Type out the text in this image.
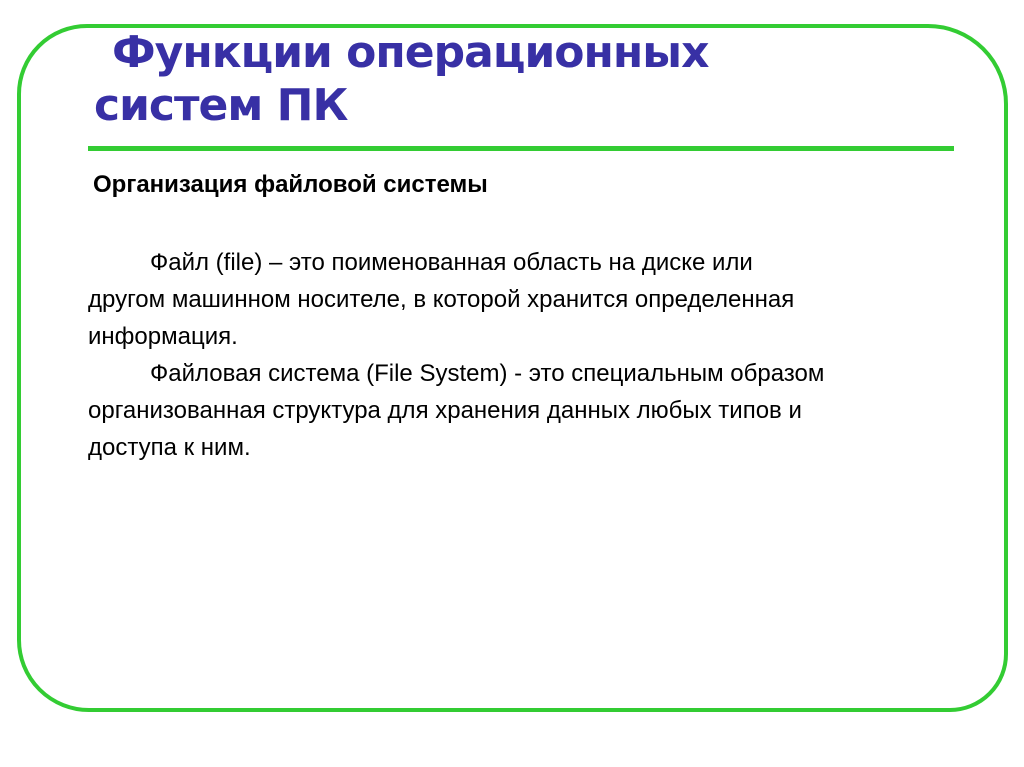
Функции операционных
систем ПК
Организация файловой системы

Файл (file) – это поименованная область на диске или
другом машинном носителе, в которой хранится определенная
информация.

Файловая система (File System) - это специальным образом
организованная структура для хранения данных любых типов и
доступа к ним.
